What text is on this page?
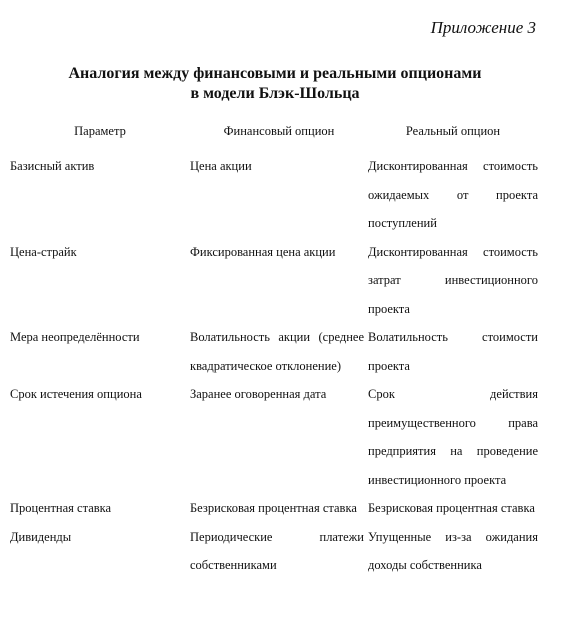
Приложение 3
Аналогия между финансовыми и реальными опционами
в модели Блэк-Шольца
Параметр	Финансовый опцион	Реальный опцион
Базисный актив	Цена акции	Дисконтированная стоимость ожидаемых от проекта поступлений
Цена-страйк	Фиксированная цена акции	Дисконтированная стоимость затрат инвестиционного проекта
Мера неопределённости	Волатильность акции (среднее квадратическое отклонение)	Волатильность стоимости проекта
Срок истечения опциона	Заранее оговоренная дата	Срок действия преимущественного права предприятия на проведение инвестиционного проекта
Процентная ставка	Безрисковая процентная ставка	Безрисковая процентная ставка
Дивиденды	Периодические платежи собственниками	Упущенные из-за ожидания доходы собственника
